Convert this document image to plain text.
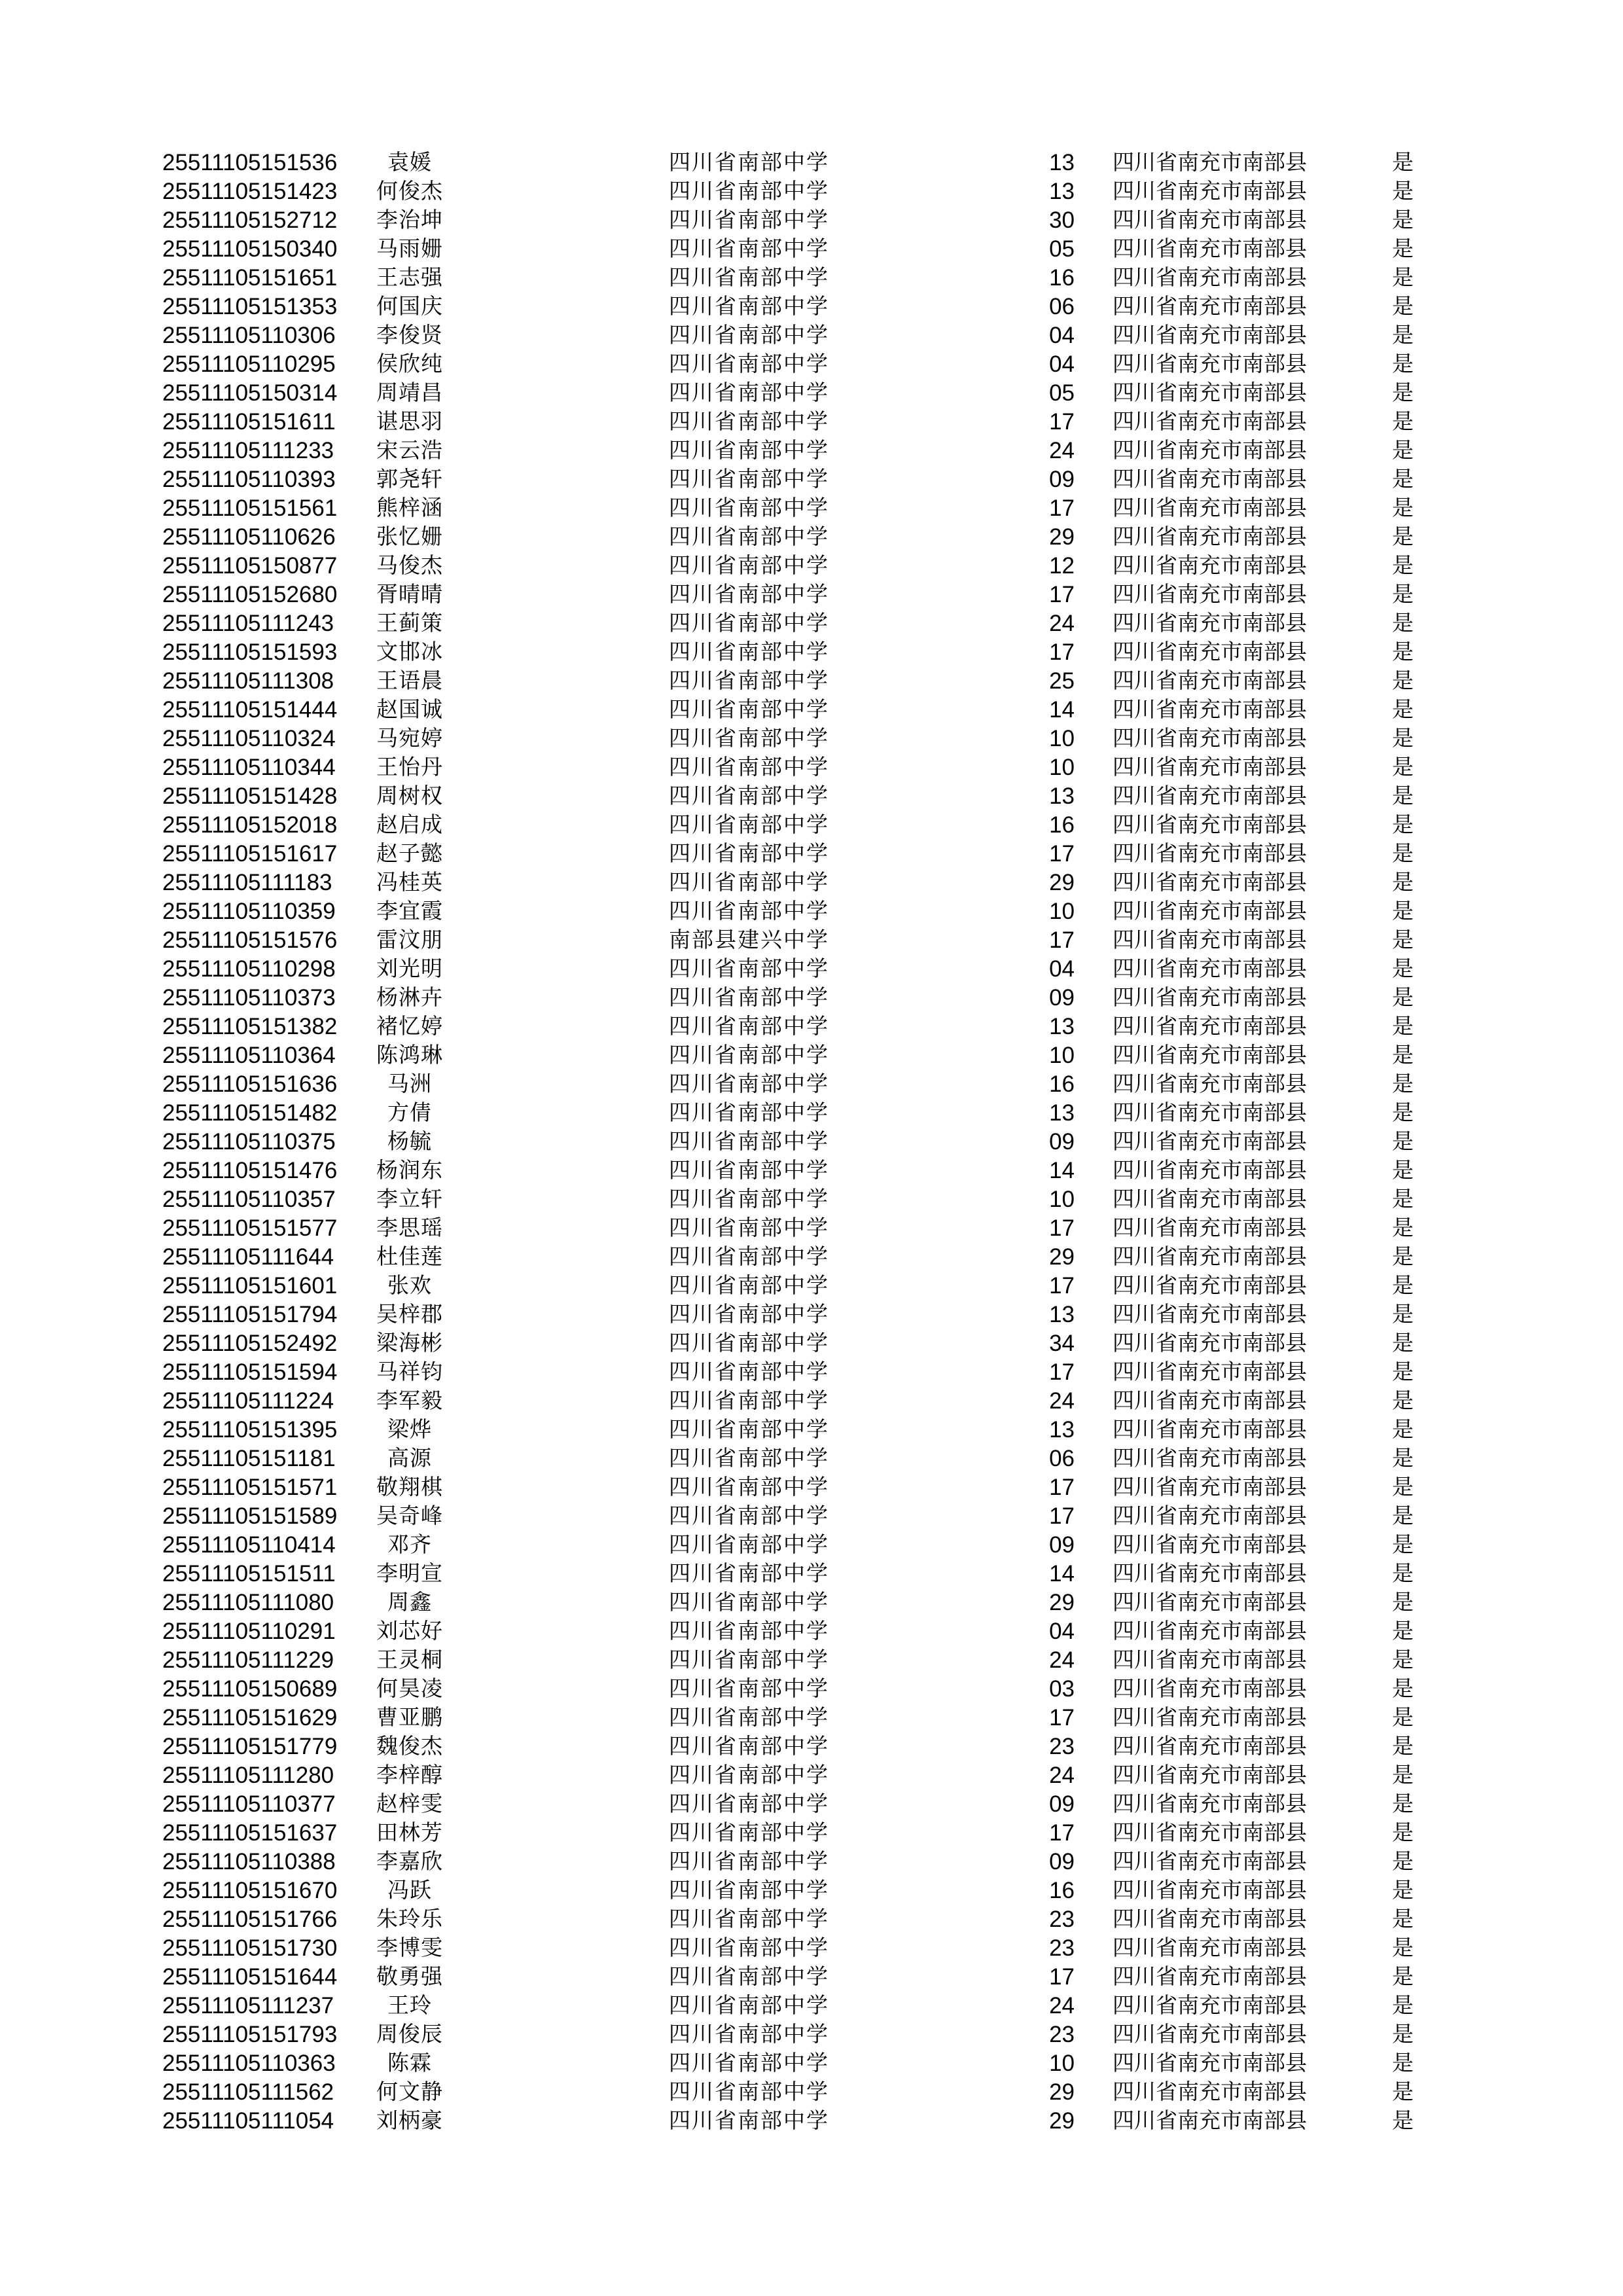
25511105151536	袁媛	四川省南部中学	13 四川省南充市南部县	是
25511105151423	何俊杰	四川省南部中学	13 四川省南充市南部县	是
25511105152712	李治坤	四川省南部中学	30 四川省南充市南部县	是
25511105150340	马雨姗	四川省南部中学	05 四川省南充市南部县	是
25511105151651	王志强	四川省南部中学	16 四川省南充市南部县	是
25511105151353	何国庆	四川省南部中学	06 四川省南充市南部县	是
25511105110306	李俊贤	四川省南部中学	04 四川省南充市南部县	是
25511105110295	侯欣纯	四川省南部中学	04 四川省南充市南部县	是
25511105150314	周靖昌	四川省南部中学	05 四川省南充市南部县	是
25511105151611	谌思羽	四川省南部中学	17 四川省南充市南部县	是
25511105111233	宋云浩	四川省南部中学	24 四川省南充市南部县	是
25511105110393	郭尧轩	四川省南部中学	09 四川省南充市南部县	是
25511105151561	熊梓涵	四川省南部中学	17 四川省南充市南部县	是
25511105110626	张忆姗	四川省南部中学	29 四川省南充市南部县	是
25511105150877	马俊杰	四川省南部中学	12 四川省南充市南部县	是
25511105152680	胥晴晴	四川省南部中学	17 四川省南充市南部县	是
25511105111243	王蓟策	四川省南部中学	24 四川省南充市南部县	是
25511105151593	文邯冰	四川省南部中学	17 四川省南充市南部县	是
25511105111308	王语晨	四川省南部中学	25 四川省南充市南部县	是
25511105151444	赵国诚	四川省南部中学	14 四川省南充市南部县	是
25511105110324	马宛婷	四川省南部中学	10 四川省南充市南部县	是
25511105110344	王怡丹	四川省南部中学	10 四川省南充市南部县	是
25511105151428	周树权	四川省南部中学	13 四川省南充市南部县	是
25511105152018	赵启成	四川省南部中学	16 四川省南充市南部县	是
25511105151617	赵子懿	四川省南部中学	17 四川省南充市南部县	是
25511105111183	冯桂英	四川省南部中学	29 四川省南充市南部县	是
25511105110359	李宜霞	四川省南部中学	10 四川省南充市南部县	是
25511105151576	雷汶朋	南部县建兴中学	17 四川省南充市南部县	是
25511105110298	刘光明	四川省南部中学	04 四川省南充市南部县	是
25511105110373	杨淋卉	四川省南部中学	09 四川省南充市南部县	是
25511105151382	褚忆婷	四川省南部中学	13 四川省南充市南部县	是
25511105110364	陈鸿琳	四川省南部中学	10 四川省南充市南部县	是
25511105151636	马洲	四川省南部中学	16 四川省南充市南部县	是
25511105151482	方倩	四川省南部中学	13 四川省南充市南部县	是
25511105110375	杨毓	四川省南部中学	09 四川省南充市南部县	是
25511105151476	杨润东	四川省南部中学	14 四川省南充市南部县	是
25511105110357	李立轩	四川省南部中学	10 四川省南充市南部县	是
25511105151577	李思瑶	四川省南部中学	17 四川省南充市南部县	是
25511105111644	杜佳莲	四川省南部中学	29 四川省南充市南部县	是
25511105151601	张欢	四川省南部中学	17 四川省南充市南部县	是
25511105151794	吴梓郡	四川省南部中学	13 四川省南充市南部县	是
25511105152492	梁海彬	四川省南部中学	34 四川省南充市南部县	是
25511105151594	马祥钧	四川省南部中学	17 四川省南充市南部县	是
25511105111224	李军毅	四川省南部中学	24 四川省南充市南部县	是
25511105151395	梁烨	四川省南部中学	13 四川省南充市南部县	是
25511105151181	高源	四川省南部中学	06 四川省南充市南部县	是
25511105151571	敬翔棋	四川省南部中学	17 四川省南充市南部县	是
25511105151589	吴奇峰	四川省南部中学	17 四川省南充市南部县	是
25511105110414	邓齐	四川省南部中学	09 四川省南充市南部县	是
25511105151511	李明宣	四川省南部中学	14 四川省南充市南部县	是
25511105111080	周鑫	四川省南部中学	29 四川省南充市南部县	是
25511105110291	刘芯好	四川省南部中学	04 四川省南充市南部县	是
25511105111229	王灵桐	四川省南部中学	24 四川省南充市南部县	是
25511105150689	何昊凌	四川省南部中学	03 四川省南充市南部县	是
25511105151629	曹亚鹏	四川省南部中学	17 四川省南充市南部县	是
25511105151779	魏俊杰	四川省南部中学	23 四川省南充市南部县	是
25511105111280	李梓醇	四川省南部中学	24 四川省南充市南部县	是
25511105110377	赵梓雯	四川省南部中学	09 四川省南充市南部县	是
25511105151637	田林芳	四川省南部中学	17 四川省南充市南部县	是
25511105110388	李嘉欣	四川省南部中学	09 四川省南充市南部县	是
25511105151670	冯跃	四川省南部中学	16 四川省南充市南部县	是
25511105151766	朱玲乐	四川省南部中学	23 四川省南充市南部县	是
25511105151730	李博雯	四川省南部中学	23 四川省南充市南部县	是
25511105151644	敬勇强	四川省南部中学	17 四川省南充市南部县	是
25511105111237	王玲	四川省南部中学	24 四川省南充市南部县	是
25511105151793	周俊辰	四川省南部中学	23 四川省南充市南部县	是
25511105110363	陈霖	四川省南部中学	10 四川省南充市南部县	是
25511105111562	何文静	四川省南部中学	29 四川省南充市南部县	是
25511105111054	刘柄豪	四川省南部中学	29 四川省南充市南部县	是
